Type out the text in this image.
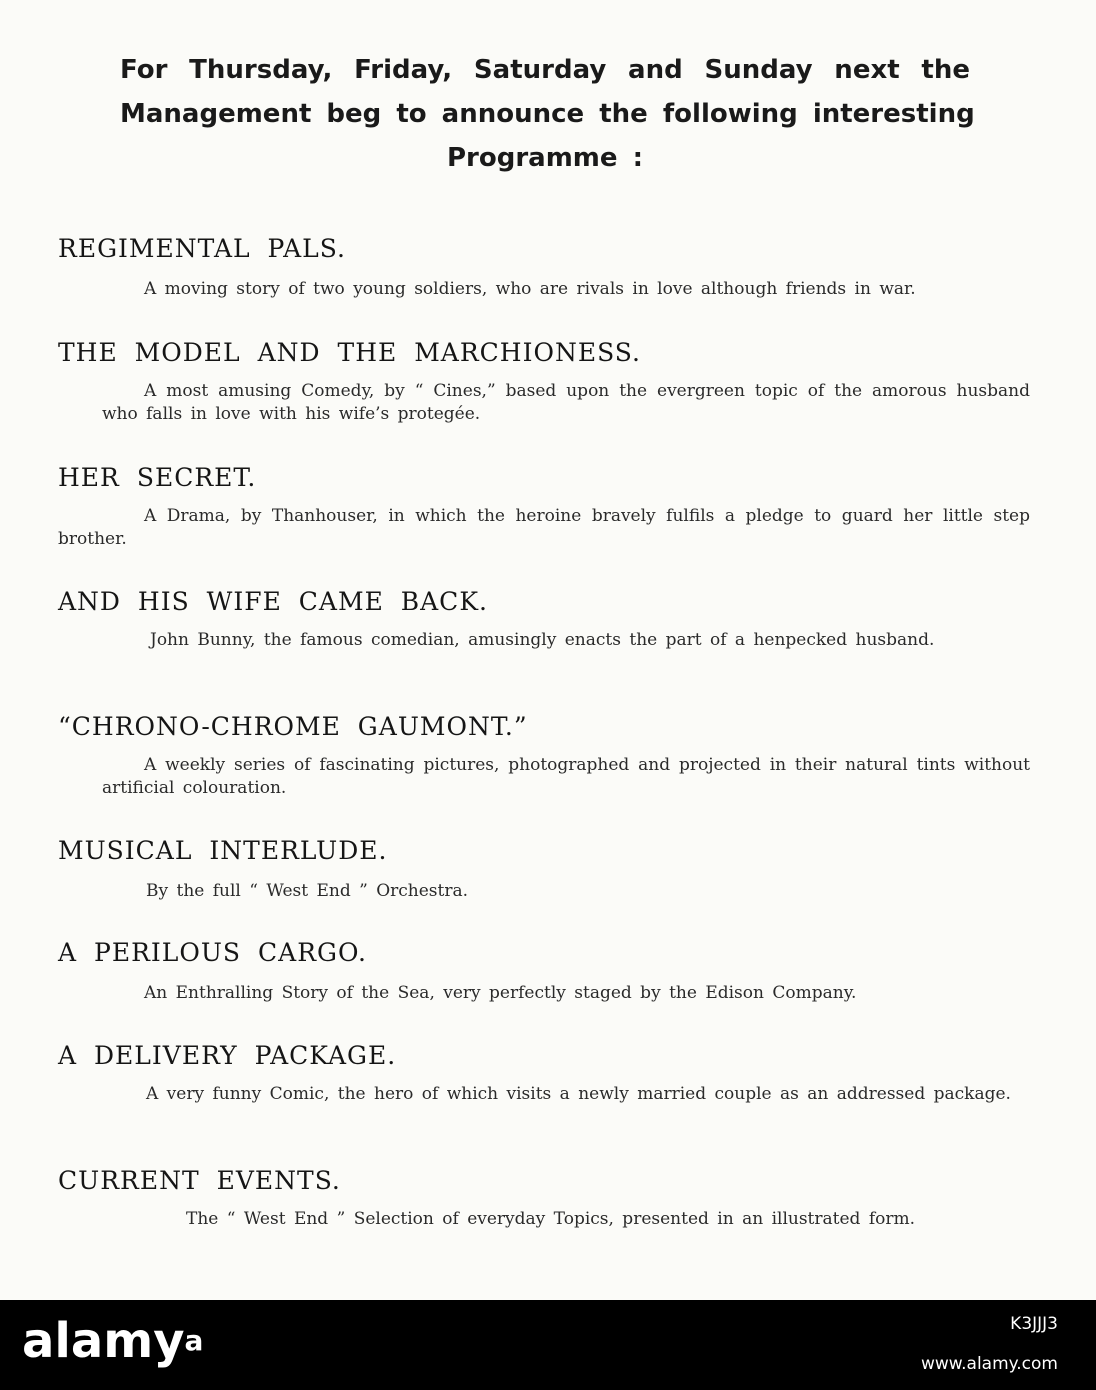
For Thursday, Friday, Saturday and Sunday next the
Management beg to announce the following interesting
Programme :
REGIMENTAL PALS.
A moving story of two young soldiers, who are rivals in love although friends in war.
THE MODEL AND THE MARCHIONESS.
A most amusing Comedy, by “ Cines,” based upon the evergreen topic of the amorous husband who falls in love with his wife’s protegée.
HER SECRET.
A Drama, by Thanhouser, in which the heroine bravely fulfils a pledge to guard her little step brother.
AND HIS WIFE CAME BACK.
John Bunny, the famous comedian, amusingly enacts the part of a henpecked husband.
“CHRONO-CHROME GAUMONT.”
A weekly series of fascinating pictures, photographed and projected in their natural tints without artificial colouration.
MUSICAL INTERLUDE.
By the full “ West End ” Orchestra.
A PERILOUS CARGO.
An Enthralling Story of the Sea, very perfectly staged by the Edison Company.
A DELIVERY PACKAGE.
A very funny Comic, the hero of which visits a newly married couple as an addressed package.
CURRENT EVENTS.
The “ West End ” Selection of everyday Topics, presented in an illustrated form.
alamy$^a$	K3JJJ3
www.alamy.com
